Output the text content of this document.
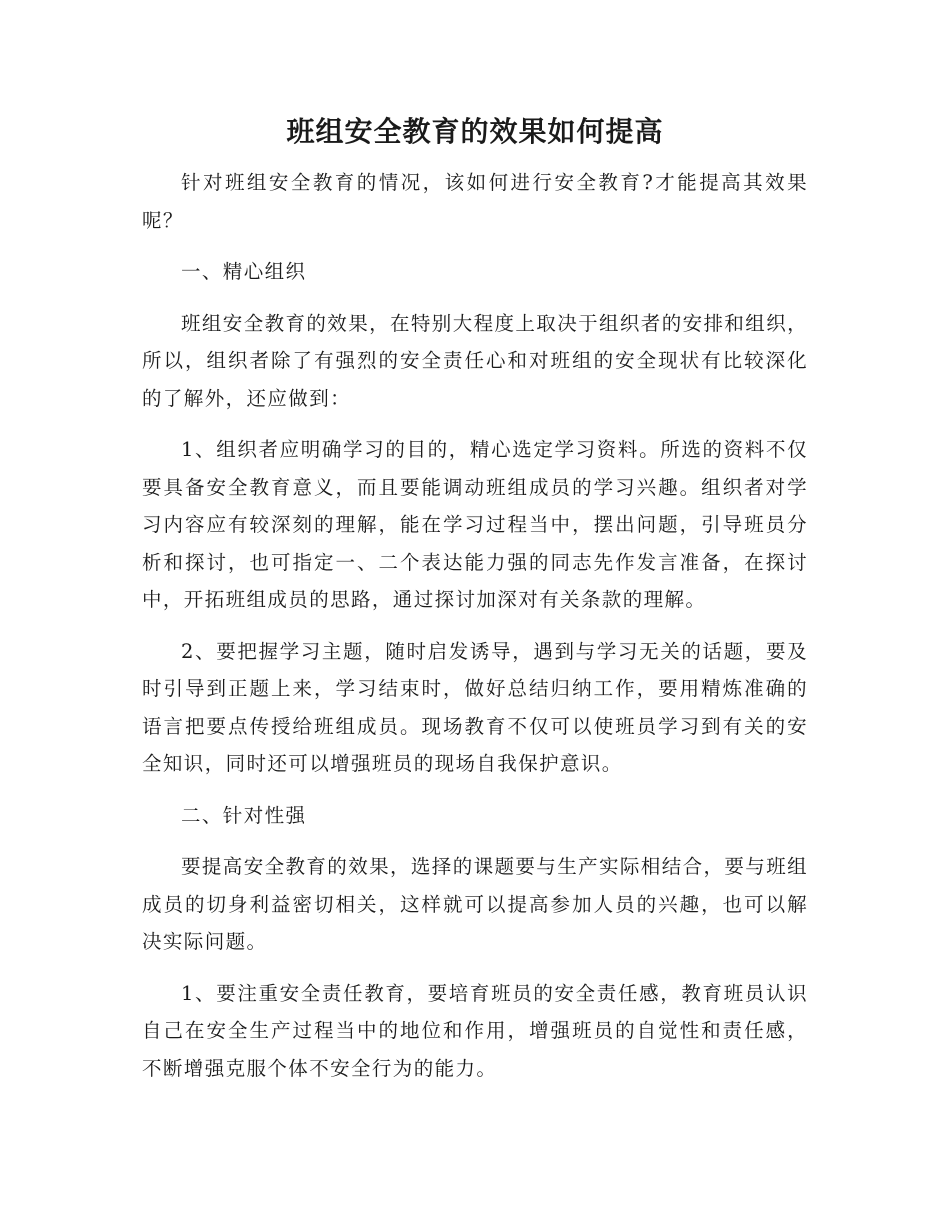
班组安全教育的效果如何提高

针对班组安全教育的情况，该如何进行安全教育?才能提高其效果呢？

一、精心组织

班组安全教育的效果，在特别大程度上取决于组织者的安排和组织，所以，组织者除了有强烈的安全责任心和对班组的安全现状有比较深化的了解外，还应做到：

1、组织者应明确学习的目的，精心选定学习资料。所选的资料不仅要具备安全教育意义，而且要能调动班组成员的学习兴趣。组织者对学习内容应有较深刻的理解，能在学习过程当中，摆出问题，引导班员分析和探讨，也可指定一、二个表达能力强的同志先作发言准备，在探讨中，开拓班组成员的思路，通过探讨加深对有关条款的理解。

2、要把握学习主题，随时启发诱导，遇到与学习无关的话题，要及时引导到正题上来，学习结束时，做好总结归纳工作，要用精炼准确的语言把要点传授给班组成员。现场教育不仅可以使班员学习到有关的安全知识，同时还可以增强班员的现场自我保护意识。

二、针对性强

要提高安全教育的效果，选择的课题要与生产实际相结合，要与班组成员的切身利益密切相关，这样就可以提高参加人员的兴趣，也可以解决实际问题。

1、要注重安全责任教育，要培育班员的安全责任感，教育班员认识自己在安全生产过程当中的地位和作用，增强班员的自觉性和责任感，不断增强克服个体不安全行为的能力。
